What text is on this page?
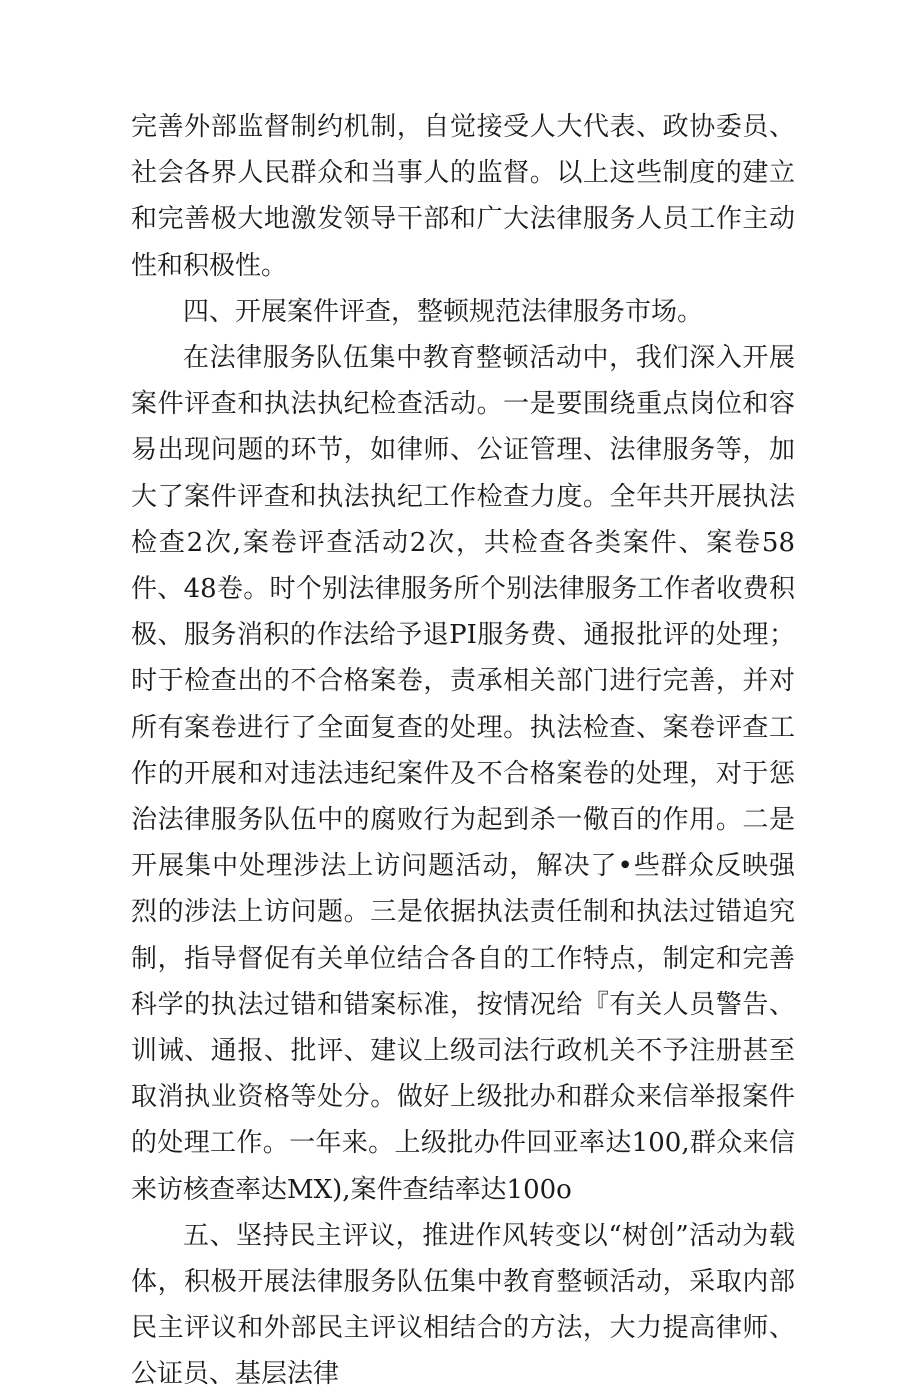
完善外部监督制约机制，自觉接受人大代表、政协委员、社会各界人民群众和当事人的监督。以上这些制度的建立和完善极大地激发领导干部和广大法律服务人员工作主动性和积极性。

四、开展案件评查，整顿规范法律服务市场。

在法律服务队伍集中教育整顿活动中，我们深入开展案件评查和执法执纪检查活动。一是要围绕重点岗位和容易出现问题的环节，如律师、公证管理、法律服务等，加大了案件评查和执法执纪工作检查力度。全年共开展执法检查2次,案卷评查活动2次，共检查各类案件、案卷58件、48卷。时个别法律服务所个别法律服务工作者收费积极、服务消积的作法给予退PI服务费、通报批评的处理；时于检查出的不合格案卷，责承相关部门进行完善，并对所有案卷进行了全面复查的处理。执法检查、案卷评查工作的开展和对违法违纪案件及不合格案卷的处理，对于惩治法律服务队伍中的腐败行为起到杀一儆百的作用。二是开展集中处理涉法上访问题活动，解决了•些群众反映强烈的涉法上访问题。三是依据执法责任制和执法过错追究制，指导督促有关单位结合各自的工作特点，制定和完善科学的执法过错和错案标准，按情况给『有关人员警告、训诫、通报、批评、建议上级司法行政机关不予注册甚至取消执业资格等处分。做好上级批办和群众来信举报案件的处理工作。一年来。上级批办件回亚率达100,群众来信来访核查率达MX),案件查结率达100o

五、坚持民主评议，推进作风转变以“树创”活动为载体，积极开展法律服务队伍集中教育整顿活动，采取内部民主评议和外部民主评议相结合的方法，大力提高律师、公证员、基层法律
